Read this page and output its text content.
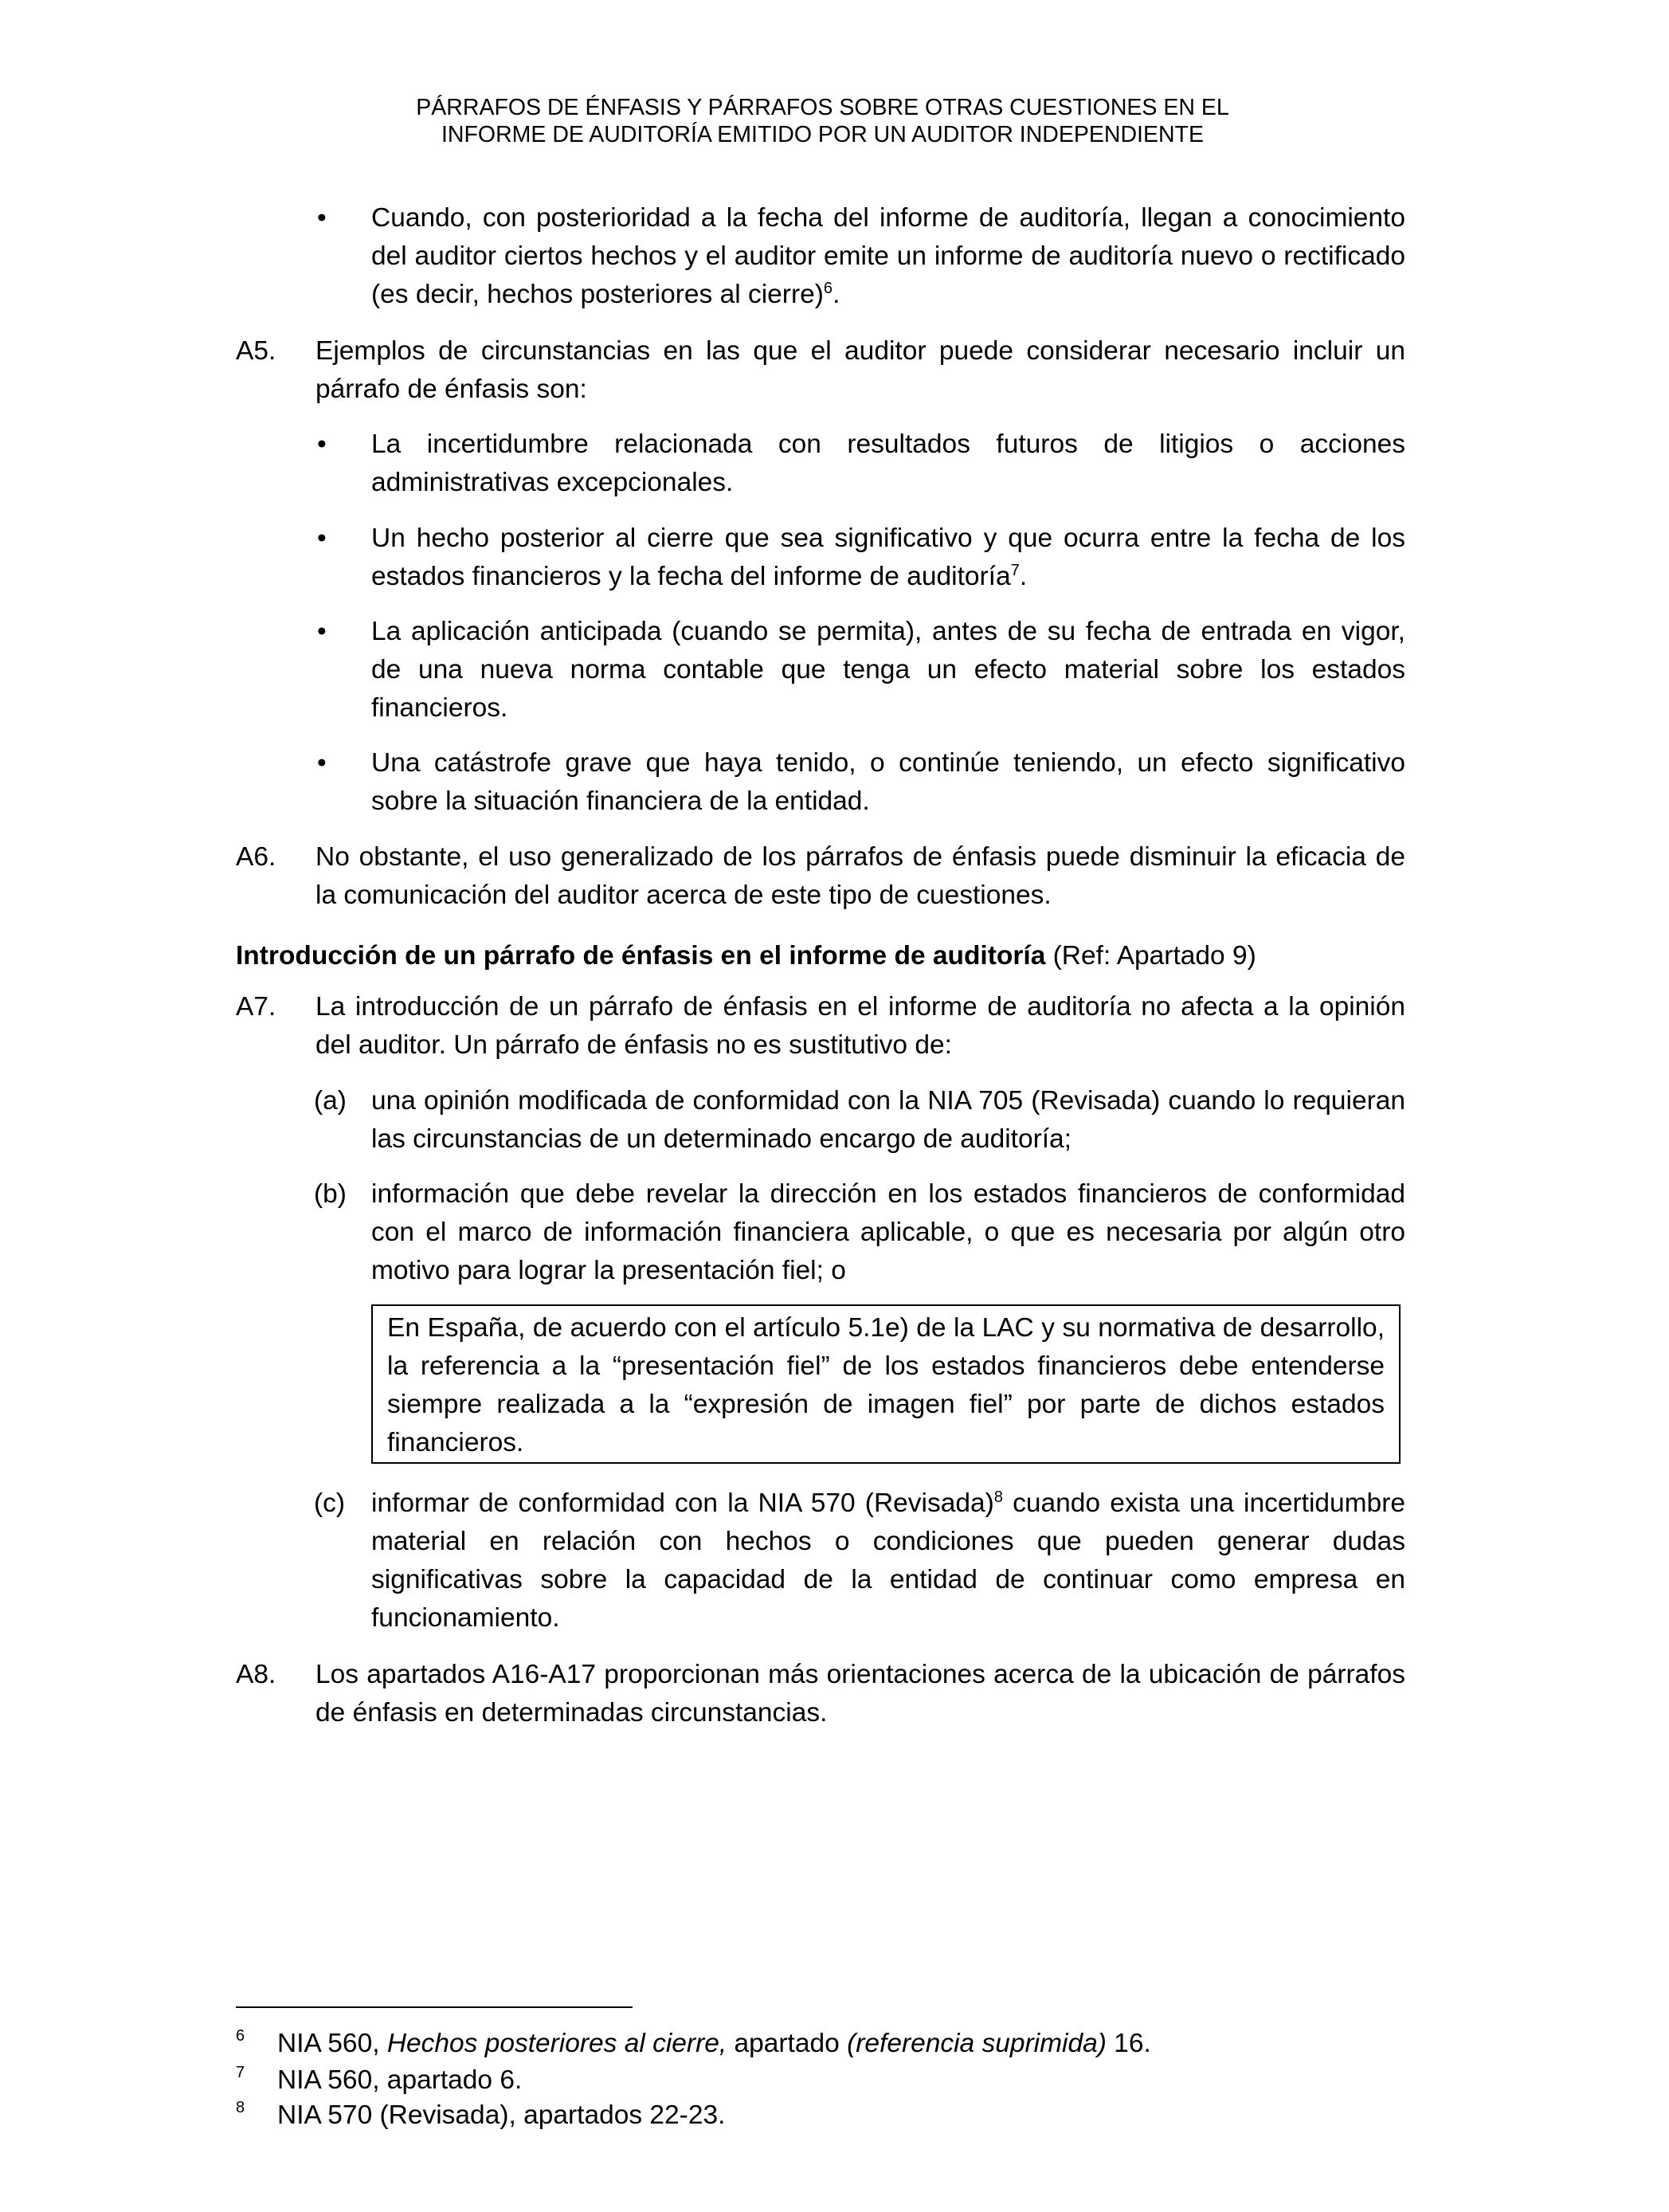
PÁRRAFOS DE ÉNFASIS Y PÁRRAFOS SOBRE OTRAS CUESTIONES EN EL
INFORME DE AUDITORÍA EMITIDO POR UN AUDITOR INDEPENDIENTE
• Cuando, con posterioridad a la fecha del informe de auditoría, llegan a conocimiento del auditor ciertos hechos y el auditor emite un informe de auditoría nuevo o rectificado (es decir, hechos posteriores al cierre)$^6$.
A5. Ejemplos de circunstancias en las que el auditor puede considerar necesario incluir un párrafo de énfasis son:
• La incertidumbre relacionada con resultados futuros de litigios o acciones administrativas excepcionales.
• Un hecho posterior al cierre que sea significativo y que ocurra entre la fecha de los estados financieros y la fecha del informe de auditoría$^7$.
• La aplicación anticipada (cuando se permita), antes de su fecha de entrada en vigor, de una nueva norma contable que tenga un efecto material sobre los estados financieros.
• Una catástrofe grave que haya tenido, o continúe teniendo, un efecto significativo sobre la situación financiera de la entidad.
A6. No obstante, el uso generalizado de los párrafos de énfasis puede disminuir la eficacia de la comunicación del auditor acerca de este tipo de cuestiones.
Introducción de un párrafo de énfasis en el informe de auditoría (Ref: Apartado 9)
A7. La introducción de un párrafo de énfasis en el informe de auditoría no afecta a la opinión del auditor. Un párrafo de énfasis no es sustitutivo de:
(a) una opinión modificada de conformidad con la NIA 705 (Revisada) cuando lo requieran las circunstancias de un determinado encargo de auditoría;
(b) información que debe revelar la dirección en los estados financieros de conformidad con el marco de información financiera aplicable, o que es necesaria por algún otro motivo para lograr la presentación fiel; o
En España, de acuerdo con el artículo 5.1e) de la LAC y su normativa de desarrollo, la referencia a la “presentación fiel” de los estados financieros debe entenderse siempre realizada a la “expresión de imagen fiel” por parte de dichos estados financieros.
(c) informar de conformidad con la NIA 570 (Revisada)$^8$ cuando exista una incertidumbre material en relación con hechos o condiciones que pueden generar dudas significativas sobre la capacidad de la entidad de continuar como empresa en funcionamiento.
A8. Los apartados A16-A17 proporcionan más orientaciones acerca de la ubicación de párrafos de énfasis en determinadas circunstancias.
6 NIA 560, Hechos posteriores al cierre, apartado (referencia suprimida) 16.
7 NIA 560, apartado 6.
8 NIA 570 (Revisada), apartados 22-23.
